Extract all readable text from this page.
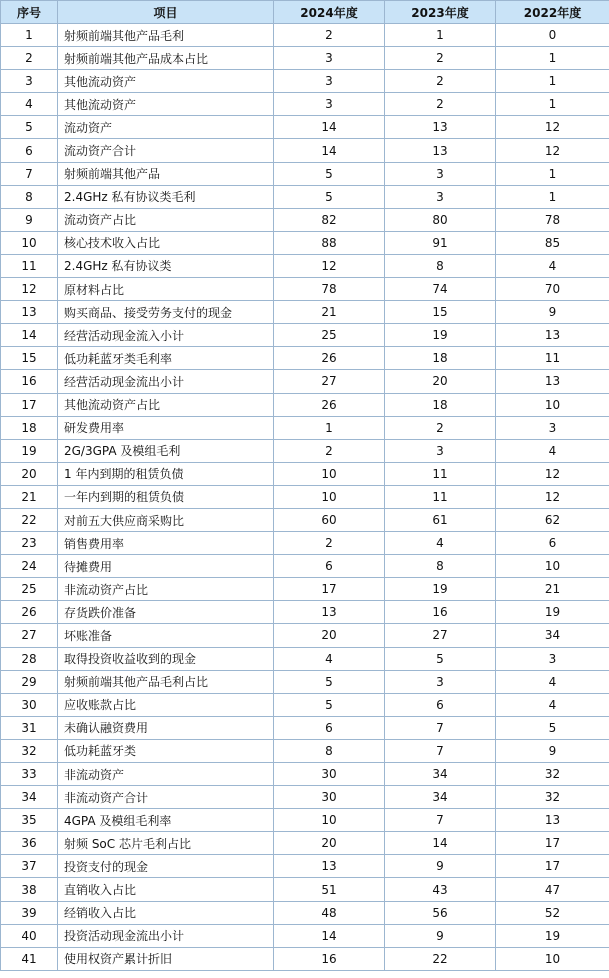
序号	项目	2024年度	2023年度	2022年度
1	射频前端其他产品毛利	2	1	0
2	射频前端其他产品成本占比	3	2	1
3	其他流动资产	3	2	1
4	其他流动资产	3	2	1
5	流动资产	14	13	12
6	流动资产合计	14	13	12
7	射频前端其他产品	5	3	1
8	2.4GHz 私有协议类毛利	5	3	1
9	流动资产占比	82	80	78
10	核心技术收入占比	88	91	85
11	2.4GHz 私有协议类	12	8	4
12	原材料占比	78	74	70
13	购买商品、接受劳务支付的现金	21	15	9
14	经营活动现金流入小计	25	19	13
15	低功耗蓝牙类毛利率	26	18	11
16	经营活动现金流出小计	27	20	13
17	其他流动资产占比	26	18	10
18	研发费用率	1	2	3
19	2G/3GPA 及模组毛利	2	3	4
20	1 年内到期的租赁负债	10	11	12
21	一年内到期的租赁负债	10	11	12
22	对前五大供应商采购比	60	61	62
23	销售费用率	2	4	6
24	待摊费用	6	8	10
25	非流动资产占比	17	19	21
26	存货跌价准备	13	16	19
27	坏账准备	20	27	34
28	取得投资收益收到的现金	4	5	3
29	射频前端其他产品毛利占比	5	3	4
30	应收账款占比	5	6	4
31	未确认融资费用	6	7	5
32	低功耗蓝牙类	8	7	9
33	非流动资产	30	34	32
34	非流动资产合计	30	34	32
35	4GPA 及模组毛利率	10	7	13
36	射频 SoC 芯片毛利占比	20	14	17
37	投资支付的现金	13	9	17
38	直销收入占比	51	43	47
39	经销收入占比	48	56	52
40	投资活动现金流出小计	14	9	19
41	使用权资产累计折旧	16	22	10
